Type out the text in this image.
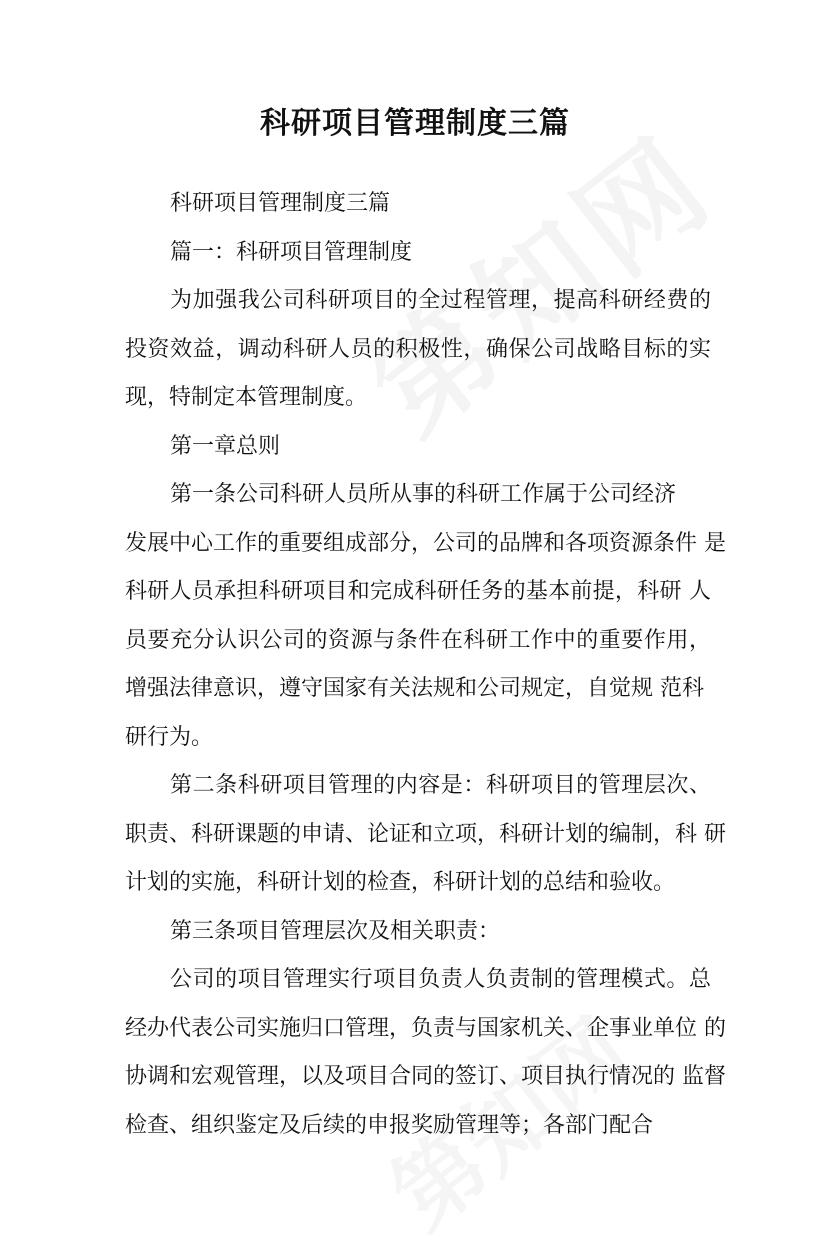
科研项目管理制度三篇

科研项目管理制度三篇

篇一：科研项目管理制度

为加强我公司科研项目的全过程管理，提高科研经费的

投资效益，调动科研人员的积极性，确保公司战略目标的实

现，特制定本管理制度。

第一章总则

第一条公司科研人员所从事的科研工作属于公司经济

发展中心工作的重要组成部分，公司的品牌和各项资源条件 是

科研人员承担科研项目和完成科研任务的基本前提，科研 人

员要充分认识公司的资源与条件在科研工作中的重要作用，

增强法律意识，遵守国家有关法规和公司规定，自觉规 范科

研行为。

第二条科研项目管理的内容是：科研项目的管理层次、

职责、科研课题的申请、论证和立项，科研计划的编制，科 研

计划的实施，科研计划的检查，科研计划的总结和验收。

第三条项目管理层次及相关职责：

公司的项目管理实行项目负责人负责制的管理模式。总

经办代表公司实施归口管理，负责与国家机关、企事业单位 的

协调和宏观管理，以及项目合同的签订、项目执行情况的 监督

检查、组织鉴定及后续的申报奖励管理等；各部门配合
